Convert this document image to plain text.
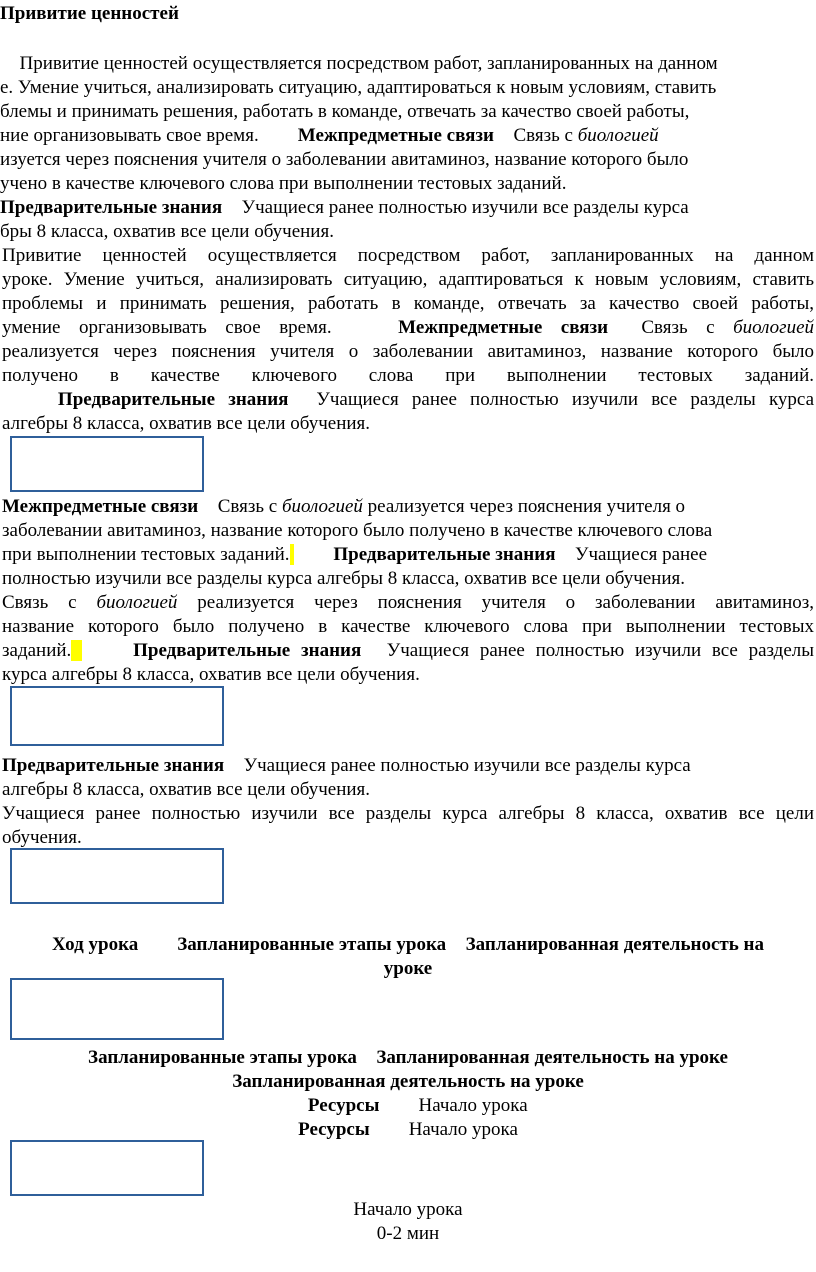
Привитие ценностей
Привитие ценностей осуществляется посредством работ, запланированных на данном
е. Умение учиться, анализировать ситуацию, адаптироваться к новым условиям, ставить
блемы и принимать решения, работать в команде, отвечать за качество своей работы,
ние организовывать свое время. Межпредметные связи Связь с биологией
изуется через пояснения учителя о заболевании авитаминоз, название которого было
учено в качестве ключевого слова при выполнении тестовых заданий.
Предварительные знания Учащиеся ранее полностью изучили все разделы курса
бры 8 класса, охватив все цели обучения.
Привитие ценностей осуществляется посредством работ, запланированных на данном
уроке. Умение учиться, анализировать ситуацию, адаптироваться к новым условиям, ставить
проблемы и принимать решения, работать в команде, отвечать за качество своей работы,
умение организовывать свое время. Межпредметные связи Связь с биологией
реализуется через пояснения учителя о заболевании авитаминоз, название которого было
получено в качестве ключевого слова при выполнении тестовых заданий.
Предварительные знания Учащиеся ранее полностью изучили все разделы курса
алгебры 8 класса, охватив все цели обучения.
Межпредметные связи Связь с биологией реализуется через пояснения учителя о
заболевании авитаминоз, название которого было получено в качестве ключевого слова
при выполнении тестовых заданий. Предварительные знания Учащиеся ранее
полностью изучили все разделы курса алгебры 8 класса, охватив все цели обучения.
Связь с биологией реализуется через пояснения учителя о заболевании авитаминоз,
название которого было получено в качестве ключевого слова при выполнении тестовых
заданий. Предварительные знания Учащиеся ранее полностью изучили все разделы
курса алгебры 8 класса, охватив все цели обучения.
Предварительные знания Учащиеся ранее полностью изучили все разделы курса
алгебры 8 класса, охватив все цели обучения.
Учащиеся ранее полностью изучили все разделы курса алгебры 8 класса, охватив все цели
обучения.
Ход урока Запланированные этапы урока Запланированная деятельность на
уроке
Запланированные этапы урока Запланированная деятельность на уроке
Запланированная деятельность на уроке
Ресурсы Начало урока
Ресурсы Начало урока
Начало урока
0-2 мин
